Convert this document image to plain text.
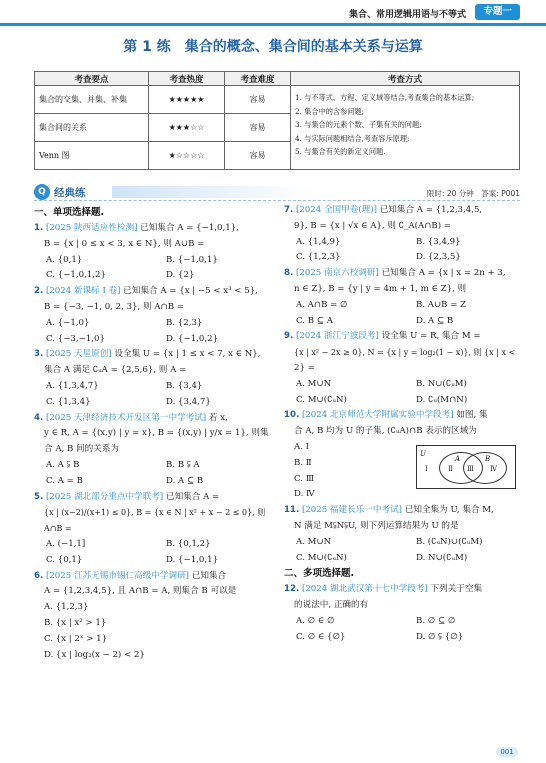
集合、常用逻辑用语与不等式	专题一
第 1 练　集合的概念、集合间的基本关系与运算
考查要点	考查热度	考查难度	考查方式
集合的交集、并集、补集	★★★★★	容易	1. 与不等式、方程、定义域等结合,考查集合的基本运算;
2. 集合中的含参问题;
3. 与集合的元素个数、子集有关的问题;
4. 与实际问题相结合,考查容斥原理;
5. 与集合有关的新定义问题.

集合间的关系	★★★☆☆	容易	
Venn 图	★☆☆☆☆	容易	
Q 经典练	限时: 20 分钟　答案: P001
一、单项选择题.
1. [2025 陕西适应性检测] 已知集合 A = {−1,0,1},
B = {x | 0 ≤ x < 3, x ∈ N}, 则 A∪B =
A. {0,1}	B. {−1,0,1}
C. {−1,0,1,2}	D. {2}
2. [2024 新课标 Ⅰ 卷] 已知集合 A = {x | −5 < x³ < 5},
B = {−3, −1, 0, 2, 3}, 则 A∩B =
A. {−1,0}	B. {2,3}
C. {−3,−1,0}	D. {−1,0,2}
3. [2025 天星原创] 设全集 U = {x | 1 ≤ x < 7, x ∈ N},
集合 A 满足 ∁ᵤA = {2,5,6}, 则 A =
A. {1,3,4,7}	B. {3,4}
C. {1,3,4}	D. {3,4,7}
4. [2025 天津经济技术开发区第一中学考试] 若 x,
y ∈ R, A = {(x,y) | y = x}, B = {(x,y) | y/x = 1}, 则集
合 A, B 间的关系为
A. A ⫋ B	B. B ⫋ A
C. A = B	D. A ⊆ B
5. [2025 湖北部分重点中学联考] 已知集合 A =
{x | (x−2)/(x+1) ≤ 0}, B = {x ∈ N | x² + x − 2 ≤ 0}, 则 A∩B =
A. (−1,1]	B. {0,1,2}
C. {0,1}	D. {−1,0,1}
6. [2025 江苏无锡市锡仁高级中学调研] 已知集合
A = {1,2,3,4,5}, 且 A∩B = A, 则集合 B 可以是
A. {1,2,3}
B. {x | x² > 1}
C. {x | 2ˣ > 1}
D. {x | log₂(x − 2) < 2}
7. [2024 全国甲卷(理)] 已知集合 A = {1,2,3,4,5,
9}, B = {x | √x ∈ A}, 则 ∁_A(A∩B) =
A. {1,4,9}	B. {3,4,9}
C. {1,2,3}	D. {2,3,5}
8. [2025 南京六校调研] 已知集合 A = {x | x = 2n + 3,
n ∈ Z}, B = {y | y = 4m + 1, m ∈ Z}, 则
A. A∩B = ∅	B. A∪B = Z
C. B ⊆ A	D. A ⊆ B
9. [2024 浙江宁波段考] 设全集 U = R, 集合 M =
{x | x² − 2x ≥ 0}, N = {x | y = log₂(1 − x)}, 则 {x | x <
2} =
A. M∪N	B. N∪(∁ᵤM)
C. M∪(∁ᵤN)	D. ∁ᵤ(M∩N)
10. [2024 北京师范大学附属实验中学段考] 如图, 集
合 A, B 均为 U 的子集, (∁ᵤA)∩B 表示的区域为
A. Ⅰ
B. Ⅱ
C. Ⅲ
D. Ⅳ
U
A	B
Ⅰ	Ⅱ Ⅲ Ⅳ
11. [2025 福建长乐一中考试] 已知全集为 U, 集合 M,
N 满足 M⫋N⫋U, 则下列运算结果为 U 的是
A. M∪N	B. (∁ᵤN)∪(∁ᵤM)
C. M∪(∁ᵤN)	D. N∪(∁ᵤM)
二、多项选择题.
12. [2024 湖北武汉第十七中学段考] 下列关于空集
的说法中, 正确的有
A. ∅ ∈ ∅	B. ∅ ⊆ ∅
C. ∅ ∈ {∅}	D. ∅ ⫋ {∅}
001
